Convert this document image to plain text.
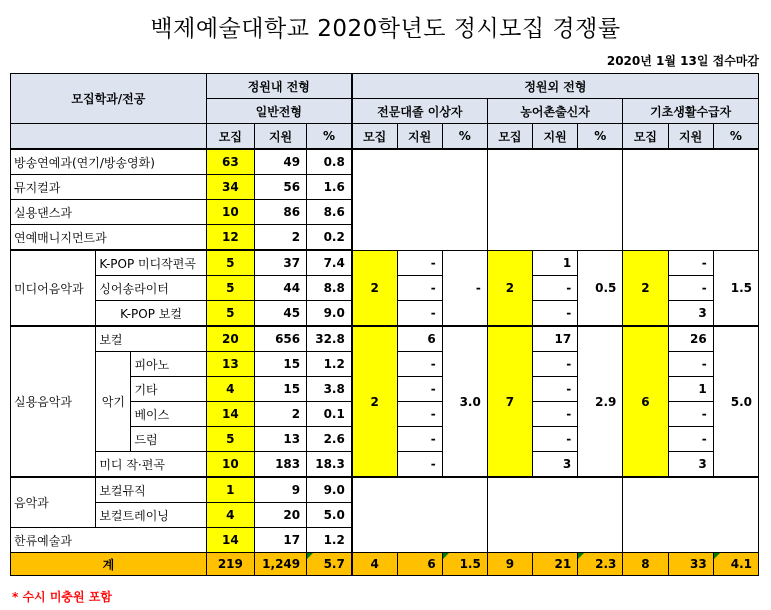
백제예술대학교 2020학년도 정시모집 경쟁률
2020년 1월 13일 접수마감
모집학과/전공			정원내 전형			정원외 전형								
			일반전형			전문대졸 이상자			농어촌출신자			기초생활수급자		
			모집	지원	%	모집	지원	%	모집	지원	%	모집	지원	%
방송연예과(연기/방송영화)			63	49	0.8									
뮤지컬과			34	56	1.6									
실용댄스과			10	86	8.6									
연예매니지먼트과			12	2	0.2									
미디어음악과	K-POP 미디작편곡		5	37	7.4	2	-	-	2	1	0.5	2	-	1.5
	싱어송라이터		5	44	8.8		-			-			-	
	K-POP 보컬		5	45	9.0		-			-			3	
실용음악과	보컬		20	656	32.8	2	6	3.0	7	17	2.9	6	26	5.0
	악기	피아노	13	15	1.2		-			-			-	
		기타	4	15	3.8		-			-			1	
		베이스	14	2	0.1		-			-			-	
		드럼	5	13	2.6		-			-			-	
	미디 작·편곡		10	183	18.3		-			3			3	
음악과	보컬뮤직		1	9	9.0									
	보컬트레이닝		4	20	5.0									
한류예술과			14	17	1.2									
계			219	1,249	5.7	4	6	1.5	9	21	2.3	8	33	4.1
* 수시 미충원 포함
